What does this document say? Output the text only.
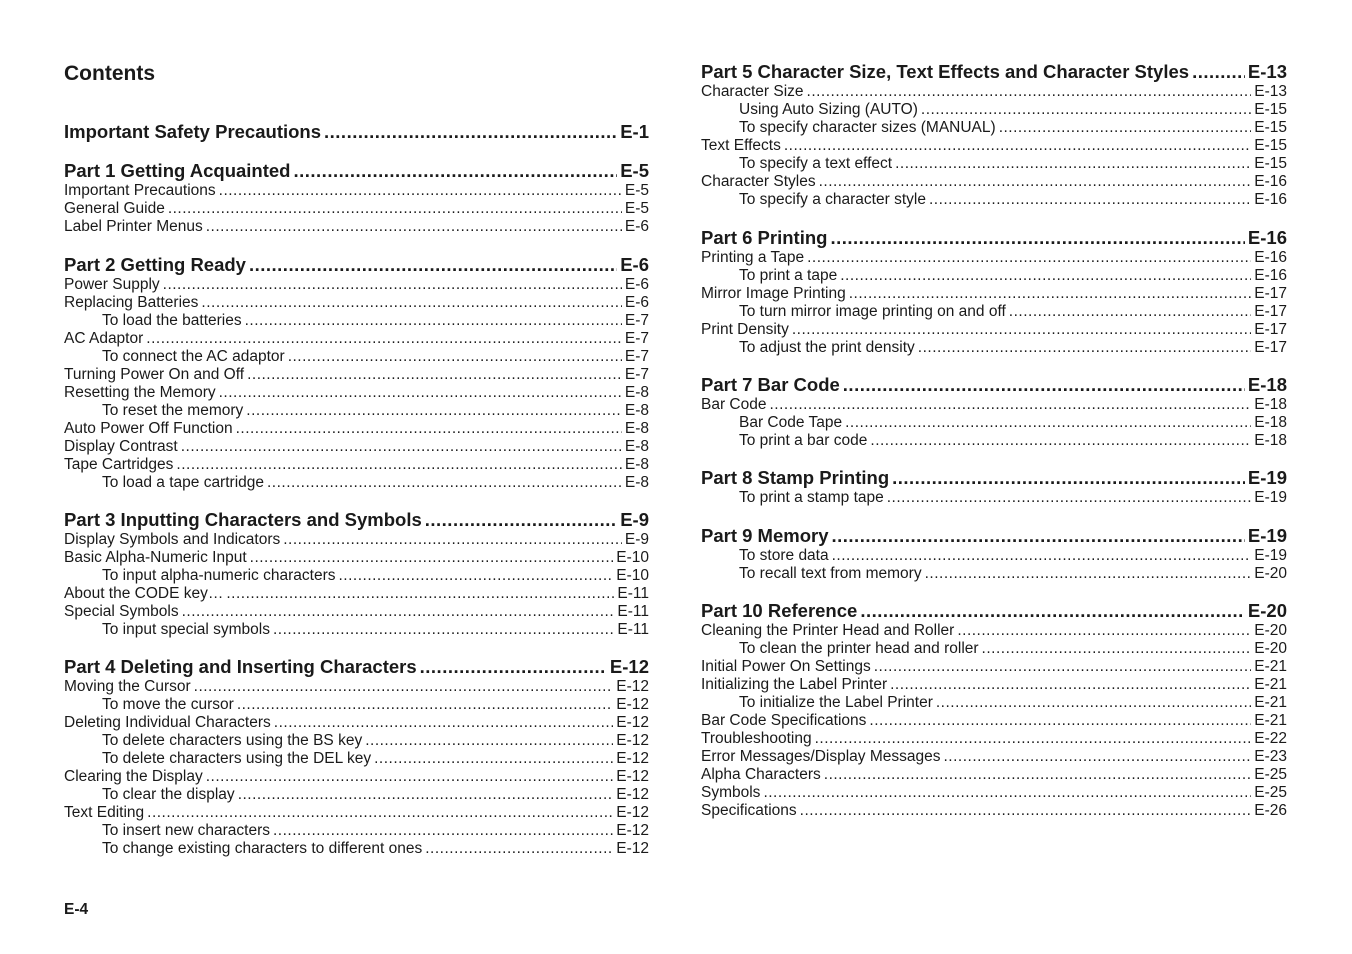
Contents
Important Safety Precautions .....	E-1
Part 1 Getting Acquainted .....	E-5
Important Precautions .....	E-5
General Guide .....	E-5
Label Printer Menus .....	E-6
Part 2 Getting Ready .....	E-6
Power Supply .....	E-6
Replacing Batteries .....	E-6
To load the batteries .....	E-7
AC Adaptor .....	E-7
To connect the AC adaptor .....	E-7
Turning Power On and Off .....	E-7
Resetting the Memory .....	E-8
To reset the memory .....	E-8
Auto Power Off Function .....	E-8
Display Contrast .....	E-8
Tape Cartridges .....	E-8
To load a tape cartridge .....	E-8
Part 3 Inputting Characters and Symbols .....	E-9
Display Symbols and Indicators .....	E-9
Basic Alpha-Numeric Input .....	E-10
To input alpha-numeric characters .....	E-10
About the CODE key… .....	E-11
Special Symbols .....	E-11
To input special symbols .....	E-11
Part 4 Deleting and Inserting Characters .....	E-12
Moving the Cursor .....	E-12
To move the cursor .....	E-12
Deleting Individual Characters .....	E-12
To delete characters using the BS key .....	E-12
To delete characters using the DEL key .....	E-12
Clearing the Display .....	E-12
To clear the display .....	E-12
Text Editing .....	E-12
To insert new characters .....	E-12
To change existing characters to different ones .....	E-12
Part 5 Character Size, Text Effects and Character Styles .....	E-13
Character Size .....	E-13
Using Auto Sizing (AUTO) .....	E-15
To specify character sizes (MANUAL) .....	E-15
Text Effects .....	E-15
To specify a text effect .....	E-15
Character Styles .....	E-16
To specify a character style .....	E-16
Part 6 Printing .....	E-16
Printing a Tape .....	E-16
To print a tape .....	E-16
Mirror Image Printing .....	E-17
To turn mirror image printing on and off .....	E-17
Print Density .....	E-17
To adjust the print density .....	E-17
Part 7 Bar Code .....	E-18
Bar Code .....	E-18
Bar Code Tape .....	E-18
To print a bar code .....	E-18
Part 8 Stamp Printing .....	E-19
To print a stamp tape .....	E-19
Part 9 Memory .....	E-19
To store data .....	E-19
To recall text from memory .....	E-20
Part 10 Reference .....	E-20
Cleaning the Printer Head and Roller .....	E-20
To clean the printer head and roller .....	E-20
Initial Power On Settings .....	E-21
Initializing the Label Printer .....	E-21
To initialize the Label Printer .....	E-21
Bar Code Specifications .....	E-21
Troubleshooting .....	E-22
Error Messages/Display Messages .....	E-23
Alpha Characters .....	E-25
Symbols .....	E-25
Specifications .....	E-26
E-4
